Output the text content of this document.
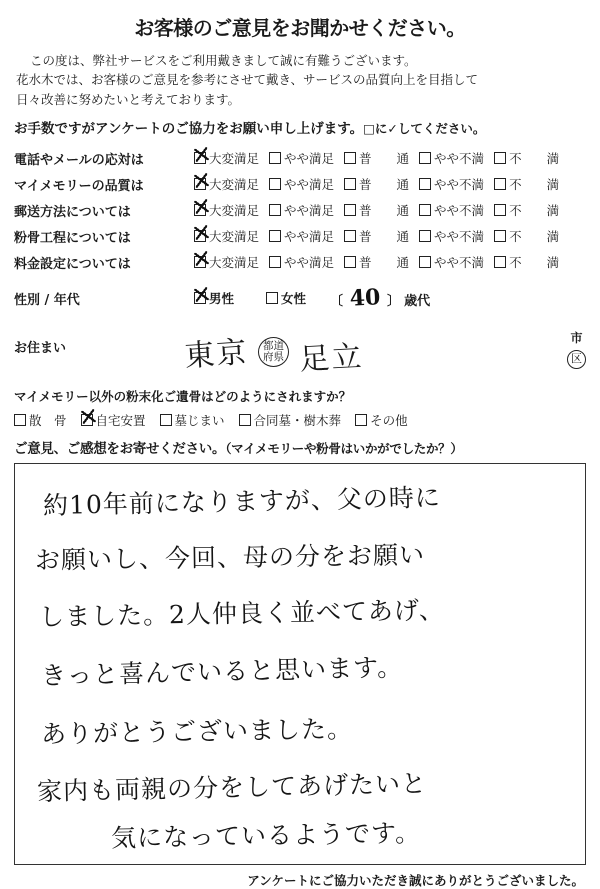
お客様のご意見をお聞かせください。
この度は、弊社サービスをご利用戴きまして誠に有難うございます。
花水木では、お客様のご意見を参考にさせて戴き、サービスの品質向上を目指して
日々改善に努めたいと考えております。
お手数ですがアンケートのご協力をお願い申し上げます。□に✓してください。
電話やメールの応対は	大変満足 やや満足 普　　通 やや不満 不　　満

マイメモリーの品質は	大変満足 やや満足 普　　通 やや不満 不　　満

郵送方法については	大変満足 やや満足 普　　通 やや不満 不　　満

粉骨工程については	大変満足 やや満足 普　　通 やや不満 不　　満

料金設定については	大変満足 やや満足 普　　通 やや不満 不　　満
性別 / 年代	男性	女性 〔 40 〕 歳代
お住まい	東京	都道
府県 足立
市
区
マイメモリー以外の粉末化ご遺骨はどのようにされますか？
散　骨 自宅安置 墓じまい 合同墓・樹木葬 その他
ご意見、ご感想をお寄せください。（マイメモリーや粉骨はいかがでしたか？）
約10年前になりますが、父の時に
お願いし、今回、母の分をお願い
しました。2人仲良く並べてあげ、
きっと喜んでいると思います。
ありがとうございました。
家内も両親の分をしてあげたいと
気になっているようです。
アンケートにご協力いただき誠にありがとうございました。
